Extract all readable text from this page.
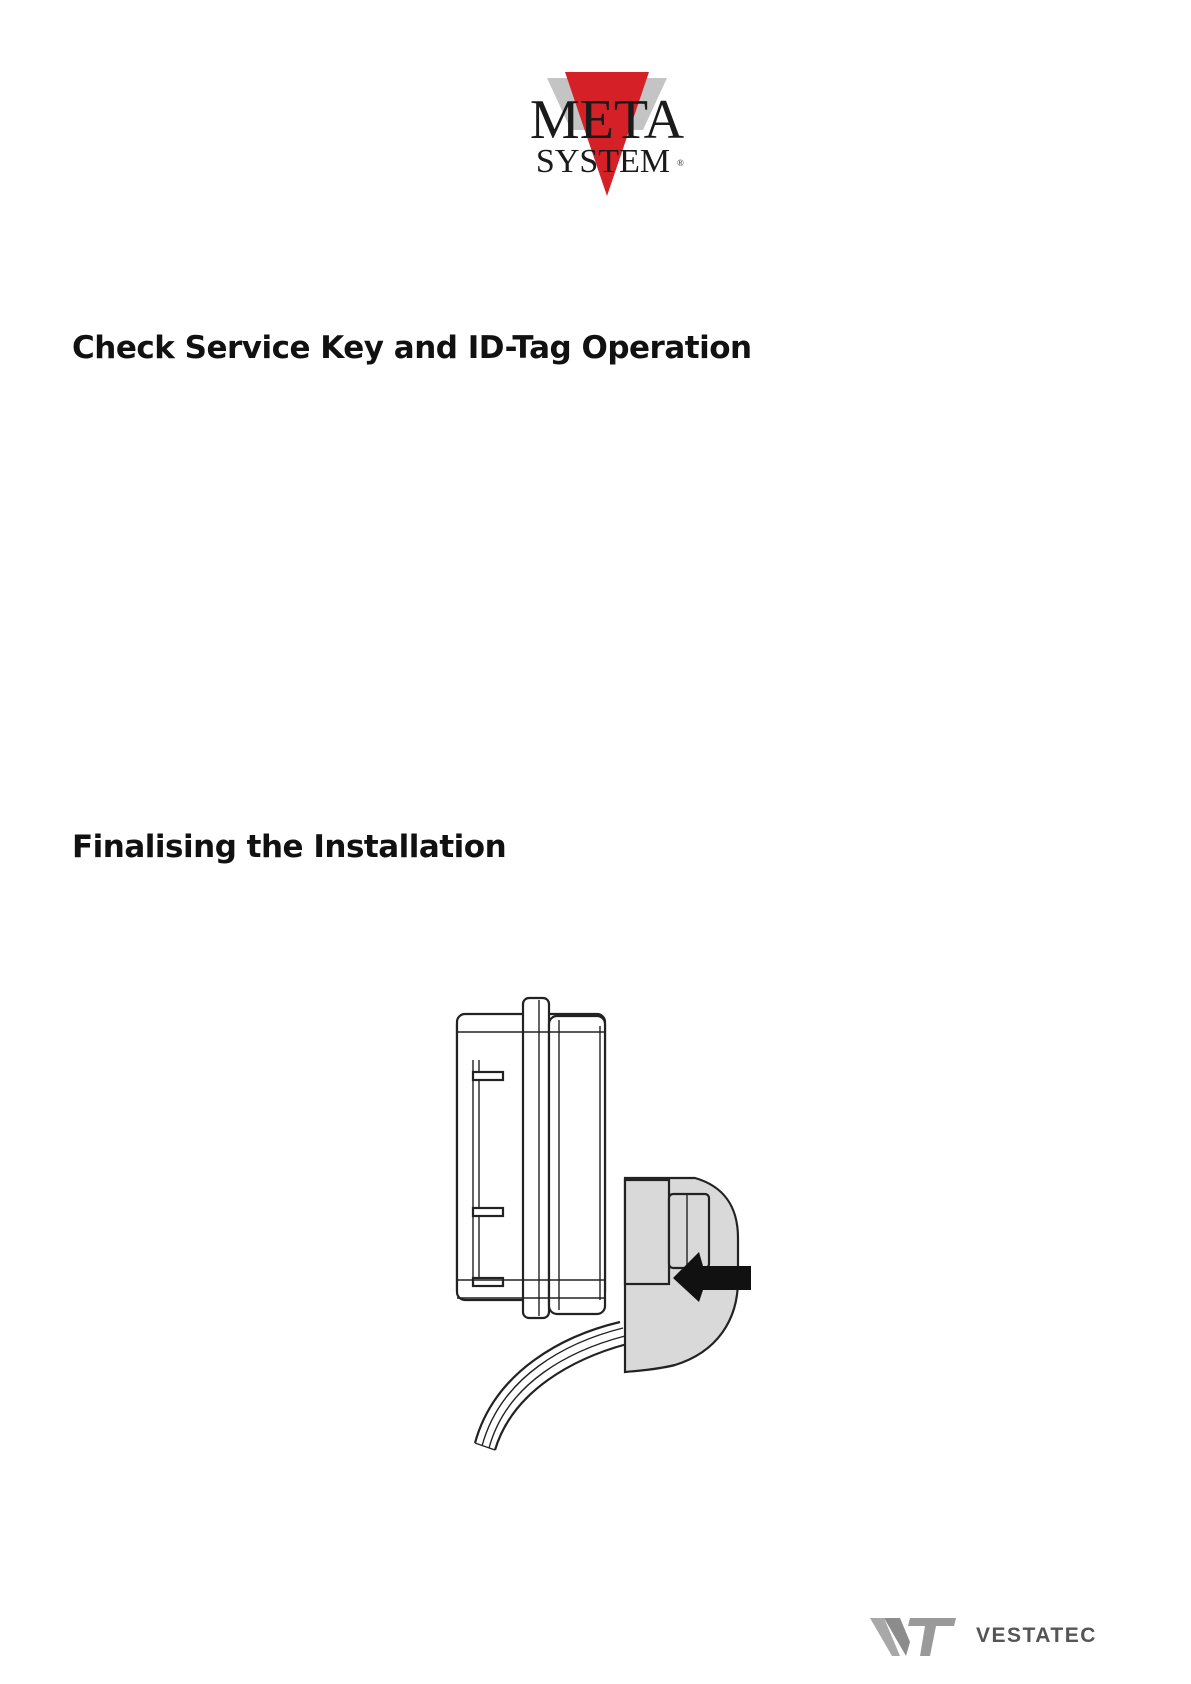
META
SYSTEM ®
Check Service Key and ID-Tag Operation
Finalising the Installation
VESTATEC
